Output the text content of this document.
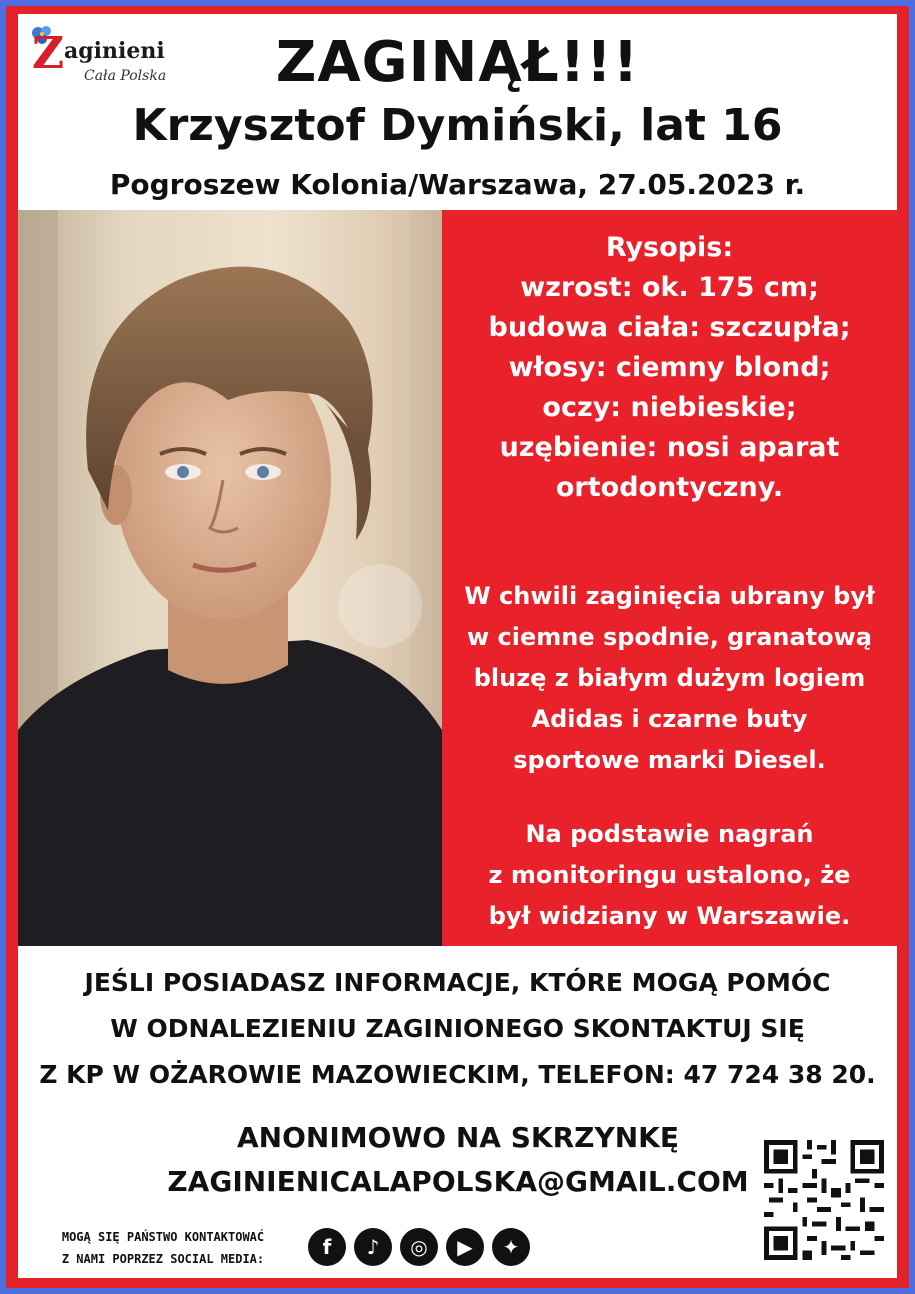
Z aginieni
Cała Polska	ZAGINĄŁ!!!
Krzysztof Dymiński, lat 16
Pogroszew Kolonia/Warszawa, 27.05.2023 r.
Rysopis:
wzrost: ok. 175 cm;
budowa ciała: szczupła;
włosy: ciemny blond;
oczy: niebieskie;
uzębienie: nosi aparat
ortodontyczny.
W chwili zaginięcia ubrany był
w ciemne spodnie, granatową
bluzę z białym dużym logiem
Adidas i czarne buty
sportowe marki Diesel.
Na podstawie nagrań
z monitoringu ustalono, że
był widziany w Warszawie.
JEŚLI POSIADASZ INFORMACJE, KTÓRE MOGĄ POMÓC
W ODNALEZIENIU ZAGINIONEGO SKONTAKTUJ SIĘ
Z KP W OŻAROWIE MAZOWIECKIM, TELEFON: 47 724 38 20.
ANONIMOWO NA SKRZYNKĘ
ZAGINIENICALAPOLSKA@GMAIL.COM
MOGĄ SIĘ PAŃSTWO KONTAKTOWAĆ
Z NAMI POPRZEZ SOCIAL MEDIA:	f	♪	◎	▶	✦
